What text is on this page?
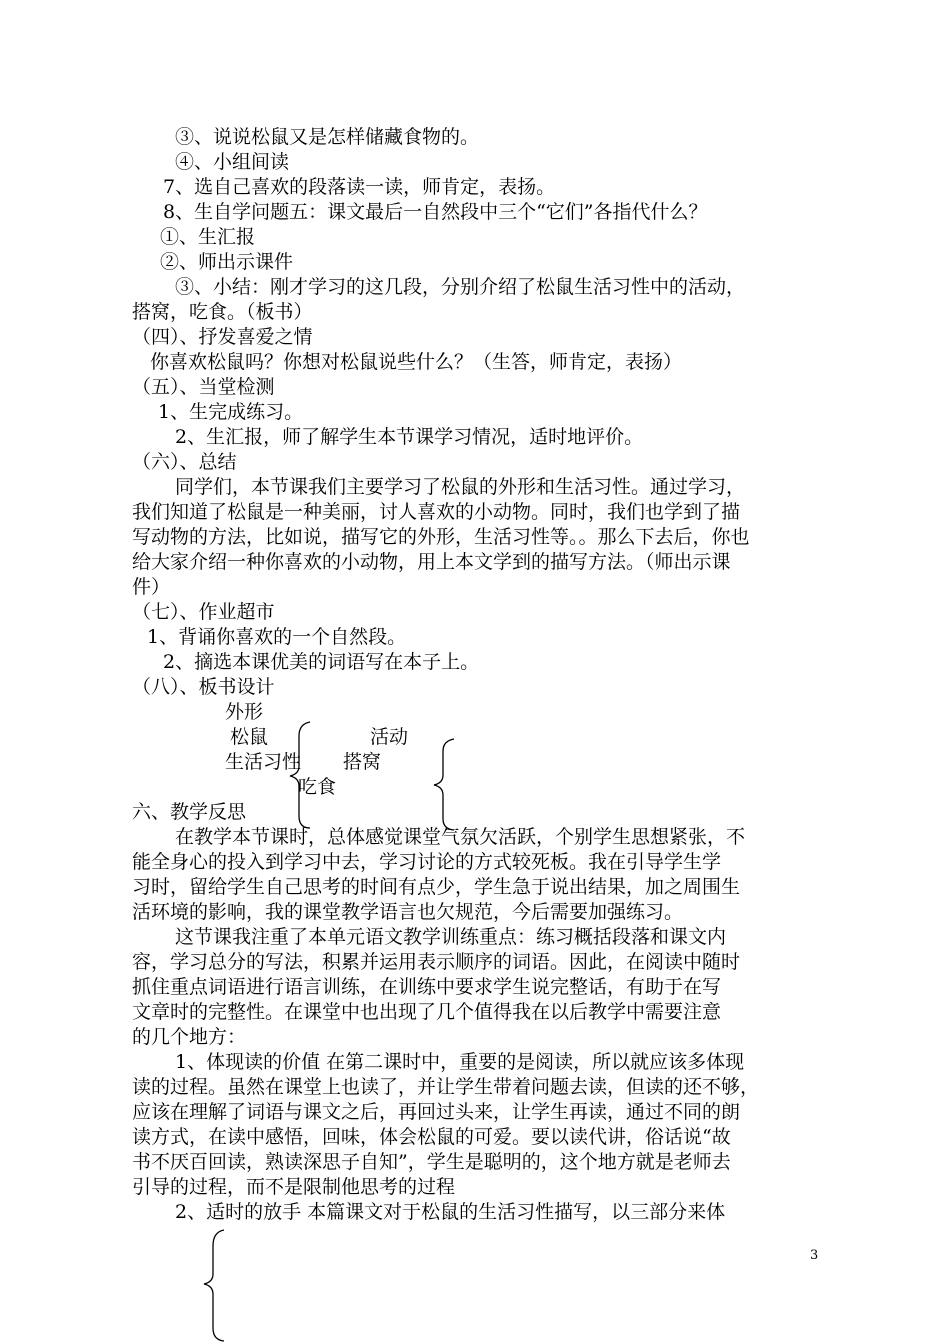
③、说说松鼠又是怎样储藏食物的。
④、小组间读
7、选自己喜欢的段落读一读，师肯定，表扬。
8、生自学问题五：课文最后一自然段中三个“它们”各指代什么？
①、生汇报
②、师出示课件
③、小结：刚才学习的这几段，分别介绍了松鼠生活习性中的活动，
搭窝，吃食。（板书）
（四）、抒发喜爱之情
你喜欢松鼠吗？你想对松鼠说些什么？（生答，师肯定，表扬）
（五）、当堂检测
1、生完成练习。
2、生汇报，师了解学生本节课学习情况，适时地评价。
（六）、总结
同学们，本节课我们主要学习了松鼠的外形和生活习性。通过学习，
我们知道了松鼠是一种美丽，讨人喜欢的小动物。同时，我们也学到了描
写动物的方法，比如说，描写它的外形，生活习性等。。那么下去后，你也
给大家介绍一种你喜欢的小动物，用上本文学到的描写方法。（师出示课
件）
（七）、作业超市
1、背诵你喜欢的一个自然段。
2、摘选本课优美的词语写在本子上。
（八）、板书设计
外形
松鼠	活动
生活习性 搭窝
吃食
六、教学反思
在教学本节课时，总体感觉课堂气氛欠活跃，个别学生思想紧张，不
能全身心的投入到学习中去，学习讨论的方式较死板。我在引导学生学
习时，留给学生自己思考的时间有点少，学生急于说出结果，加之周围生
活环境的影响，我的课堂教学语言也欠规范，今后需要加强练习。
这节课我注重了本单元语文教学训练重点：练习概括段落和课文内
容，学习总分的写法，积累并运用表示顺序的词语。因此，在阅读中随时
抓住重点词语进行语言训练，在训练中要求学生说完整话，有助于在写
文章时的完整性。在课堂中也出现了几个值得我在以后教学中需要注意
的几个地方：
1、体现读的价值 在第二课时中，重要的是阅读，所以就应该多体现
读的过程。虽然在课堂上也读了，并让学生带着问题去读，但读的还不够，
应该在理解了词语与课文之后，再回过头来，让学生再读，通过不同的朗
读方式，在读中感悟，回味，体会松鼠的可爱。要以读代讲，俗话说“故
书不厌百回读，熟读深思子自知”，学生是聪明的，这个地方就是老师去
引导的过程，而不是限制他思考的过程
2、适时的放手 本篇课文对于松鼠的生活习性描写，以三部分来体
3
